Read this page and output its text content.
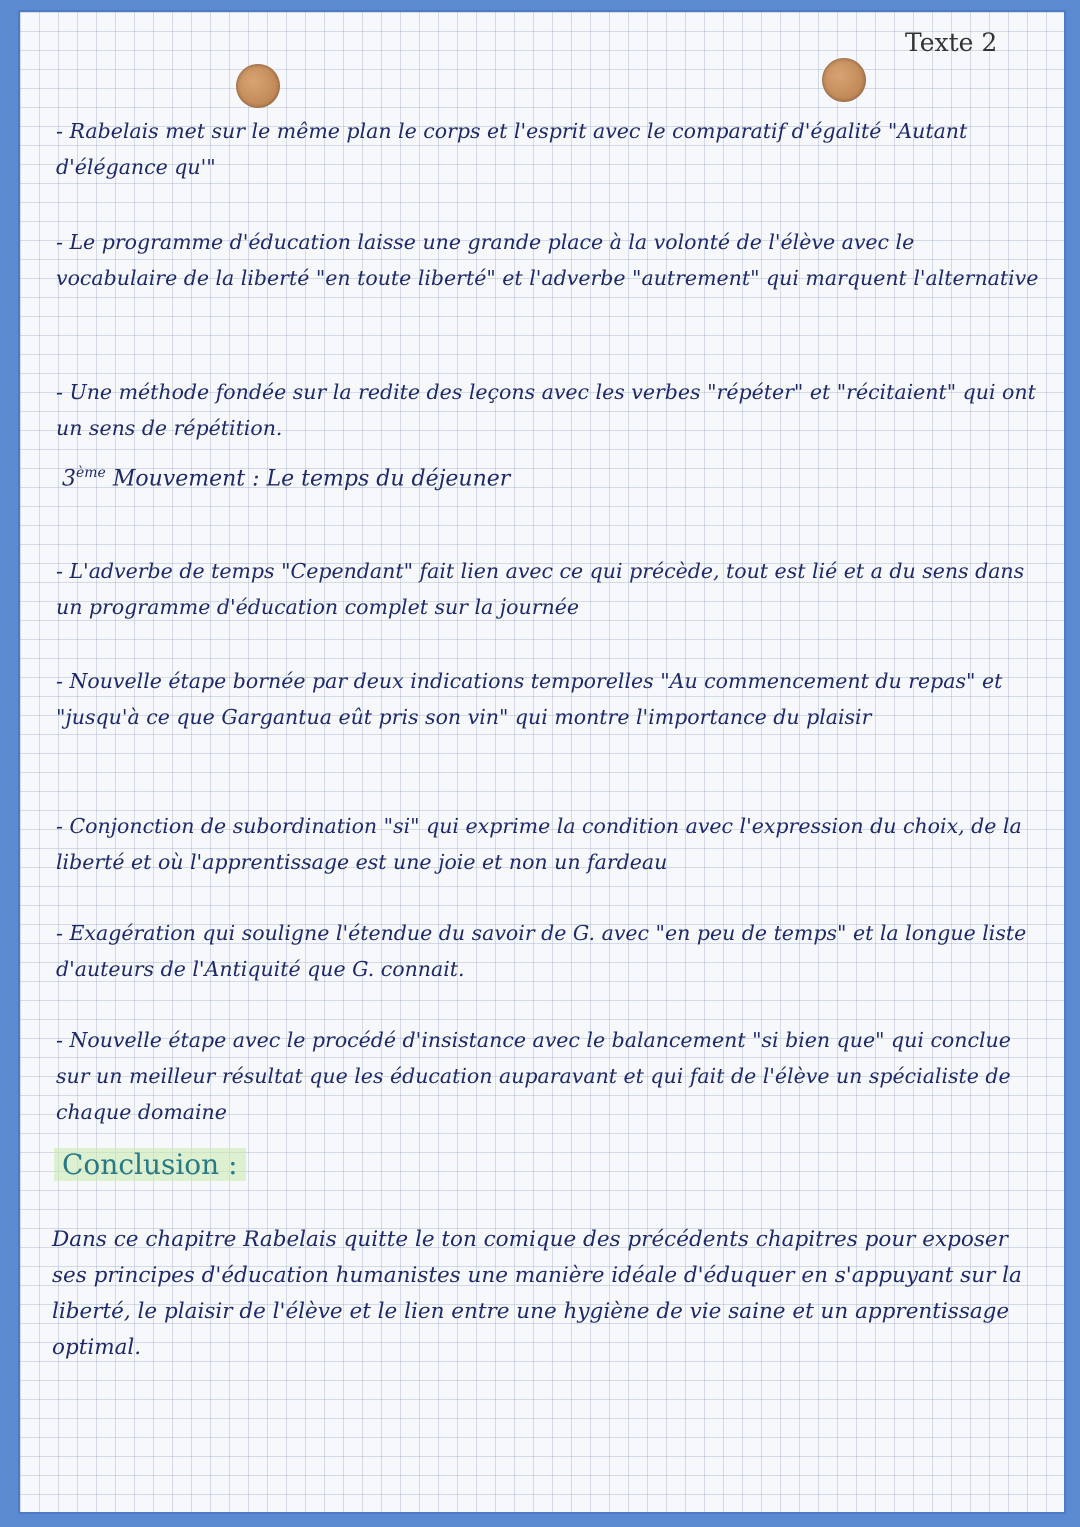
Texte 2

- Rabelais met sur le même plan le corps et l'esprit avec le comparatif d'égalité "Autant d'élégance qu'"

- Le programme d'éducation laisse une grande place à la volonté de l'élève avec le vocabulaire de la liberté "en toute liberté" et l'adverbe "autrement" qui marquent l'alternative

- Une méthode fondée sur la redite des leçons avec les verbes "répéter" et "récitaient" qui ont un sens de répétition.

3ème Mouvement : Le temps du déjeuner

- L'adverbe de temps "Cependant" fait lien avec ce qui précède, tout est lié et a du sens dans un programme d'éducation complet sur la journée

- Nouvelle étape bornée par deux indications temporelles "Au commencement du repas" et "jusqu'à ce que Gargantua eût pris son vin" qui montre l'importance du plaisir

- Conjonction de subordination "si" qui exprime la condition avec l'expression du choix, de la liberté et où l'apprentissage est une joie et non un fardeau

- Exagération qui souligne l'étendue du savoir de G. avec "en peu de temps" et la longue liste d'auteurs de l'Antiquité que G. connait.

- Nouvelle étape avec le procédé d'insistance avec le balancement "si bien que" qui conclue sur un meilleur résultat que les éducation auparavant et qui fait de l'élève un spécialiste de chaque domaine

Conclusion :

Dans ce chapitre Rabelais quitte le ton comique des précédents chapitres pour exposer ses principes d'éducation humanistes une manière idéale d'éduquer en s'appuyant sur la liberté, le plaisir de l'élève et le lien entre une hygiène de vie saine et un apprentissage optimal.
